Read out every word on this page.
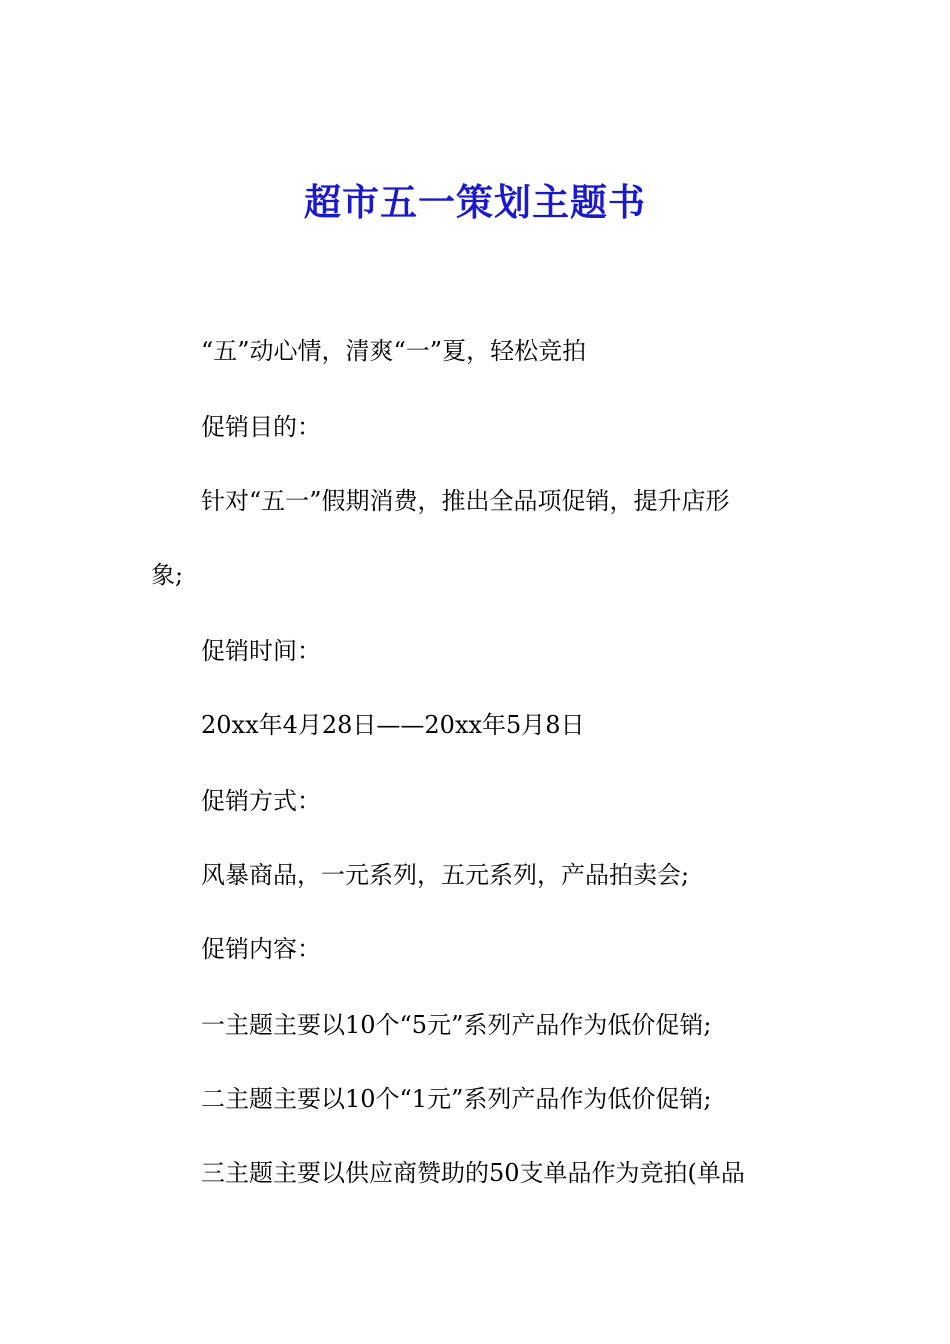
超市五一策划主题书
“五”动心情，清爽“一”夏，轻松竞拍
促销目的：
针对“五一”假期消费，推出全品项促销，提升店形
象;
促销时间：
20xx年4月28日——20xx年5月8日
促销方式：
风暴商品，一元系列，五元系列，产品拍卖会;
促销内容：
一主题主要以10个“5元”系列产品作为低价促销;
二主题主要以10个“1元”系列产品作为低价促销;
三主题主要以供应商赞助的50支单品作为竞拍(单品
